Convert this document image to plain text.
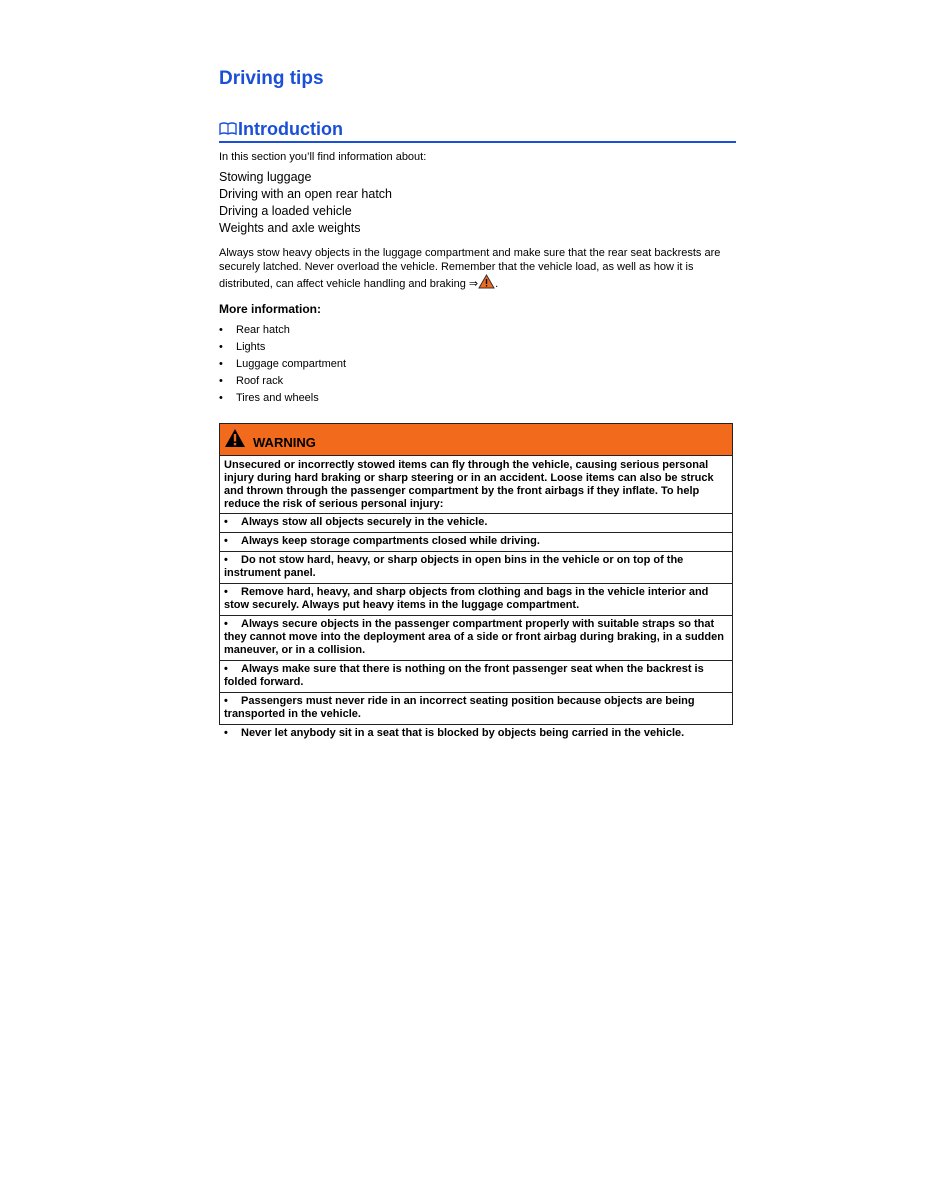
Driving tips
Introduction
In this section you’ll find information about:
Stowing luggage
Driving with an open rear hatch
Driving a loaded vehicle
Weights and axle weights

Always stow heavy objects in the luggage compartment and make sure that the rear seat backrests are securely latched. Never overload the vehicle. Remember that the vehicle load, as well as how it is distributed, can affect vehicle handling and braking ⇒ .

More information:
• Rear hatch
• Lights
• Luggage compartment
• Roof rack
• Tires and wheels
WARNING

Unsecured or incorrectly stowed items can fly through the vehicle, causing serious personal injury during hard braking or sharp steering or in an accident. Loose items can also be struck and thrown through the passenger compartment by the front airbags if they inflate. To help reduce the risk of serious personal injury:

• Always stow all objects securely in the vehicle.
• Always keep storage compartments closed while driving.
• Do not stow hard, heavy, or sharp objects in open bins in the vehicle or on top of the instrument panel.
• Remove hard, heavy, and sharp objects from clothing and bags in the vehicle interior and stow securely. Always put heavy items in the luggage compartment.
• Always secure objects in the passenger compartment properly with suitable straps so that they cannot move into the deployment area of a side or front airbag during braking, in a sudden maneuver, or in a collision.
• Always make sure that there is nothing on the front passenger seat when the backrest is folded forward.
• Passengers must never ride in an incorrect seating position because objects are being transported in the vehicle.
• Never let anybody sit in a seat that is blocked by objects being carried in the vehicle.
